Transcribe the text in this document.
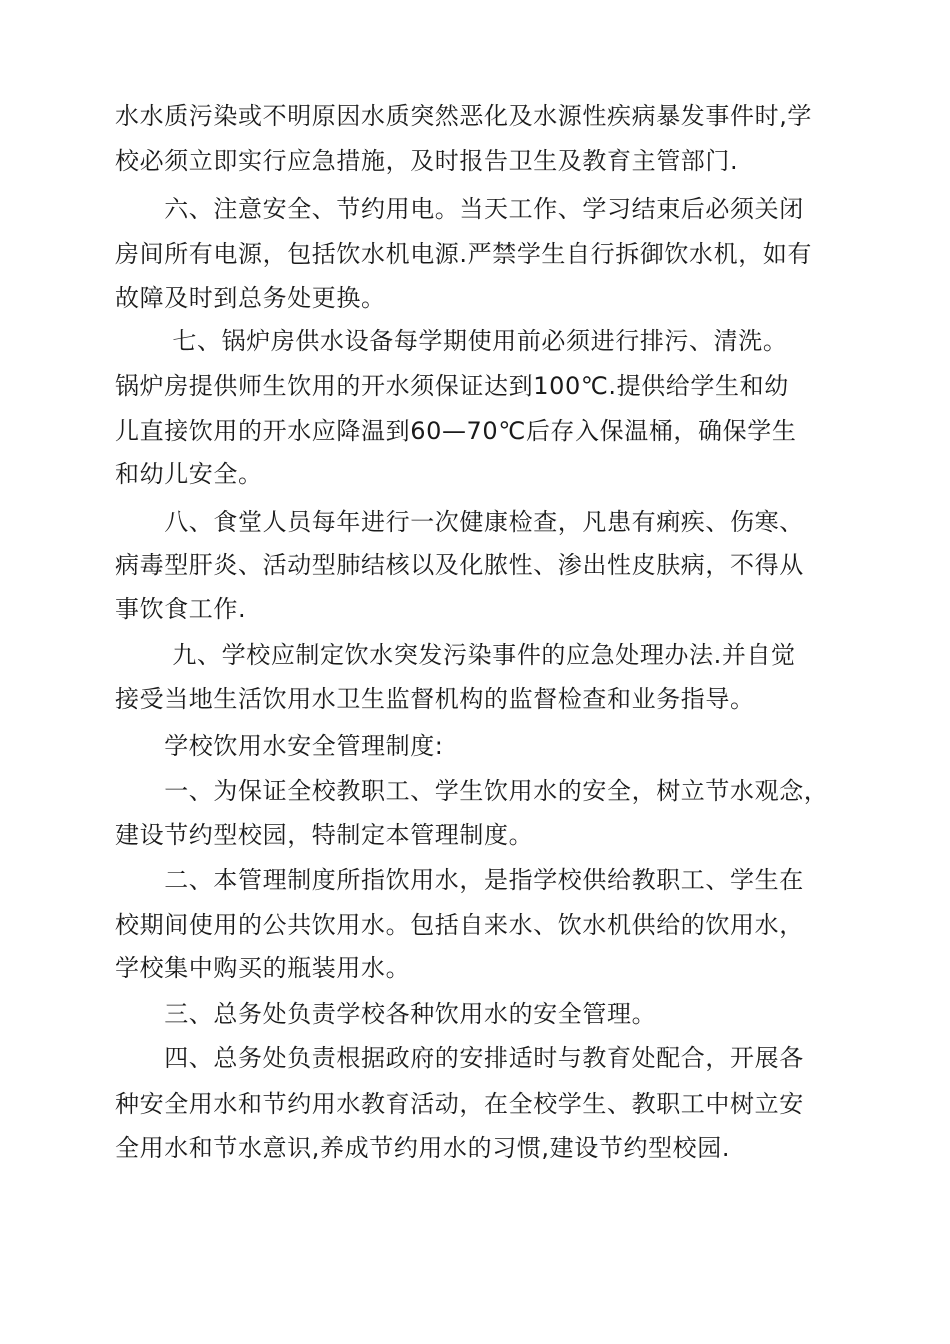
水水质污染或不明原因水质突然恶化及水源性疾病暴发事件时,学
校必须立即实行应急措施，及时报告卫生及教育主管部门.
　　六、注意安全、节约用电。当天工作、学习结束后必须关闭
房间所有电源，包括饮水机电源.严禁学生自行拆御饮水机，如有
故障及时到总务处更换。
　　 七、锅炉房供水设备每学期使用前必须进行排污、清洗。
锅炉房提供师生饮用的开水须保证达到100℃.提供给学生和幼
儿直接饮用的开水应降温到60—70℃后存入保温桶，确保学生
和幼儿安全。
　　八、食堂人员每年进行一次健康检查，凡患有痢疾、伤寒、
病毒型肝炎、活动型肺结核以及化脓性、渗出性皮肤病，不得从
事饮食工作.
　　 九、学校应制定饮水突发污染事件的应急处理办法.并自觉
接受当地生活饮用水卫生监督机构的监督检查和业务指导。
　　学校饮用水安全管理制度:
　　一、为保证全校教职工、学生饮用水的安全，树立节水观念，
建设节约型校园，特制定本管理制度。
　　二、本管理制度所指饮用水，是指学校供给教职工、学生在
校期间使用的公共饮用水。包括自来水、饮水机供给的饮用水，
学校集中购买的瓶装用水。
　　三、总务处负责学校各种饮用水的安全管理。
　　四、总务处负责根据政府的安排适时与教育处配合，开展各
种安全用水和节约用水教育活动，在全校学生、教职工中树立安
全用水和节水意识,养成节约用水的习惯,建设节约型校园.
